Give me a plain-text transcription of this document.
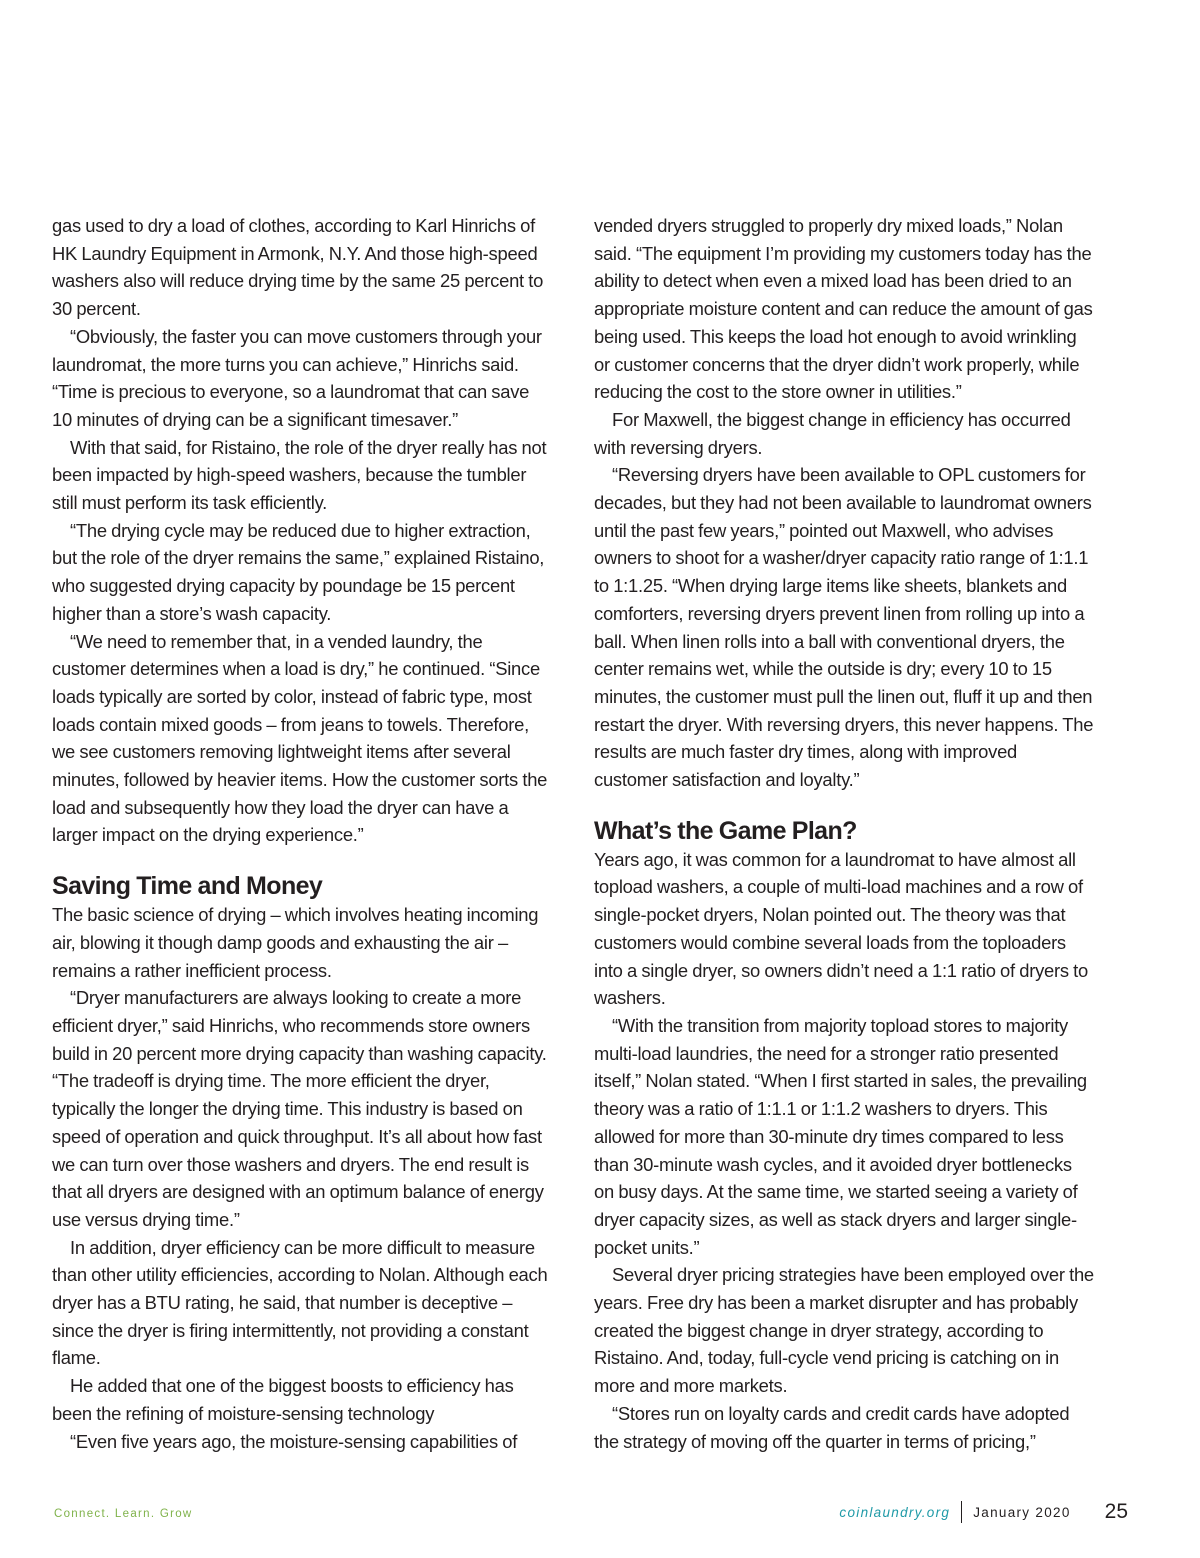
gas used to dry a load of clothes, according to Karl Hinrichs of HK Laundry Equipment in Armonk, N.Y. And those high-speed washers also will reduce drying time by the same 25 percent to 30 percent.

“Obviously, the faster you can move customers through your laundromat, the more turns you can achieve,” Hinrichs said. “Time is precious to everyone, so a laundromat that can save 10 minutes of drying can be a significant timesaver.”

With that said, for Ristaino, the role of the dryer really has not been impacted by high-speed washers, because the tumbler still must perform its task efficiently.

“The drying cycle may be reduced due to higher extraction, but the role of the dryer remains the same,” explained Ristaino, who suggested drying capacity by poundage be 15 percent higher than a store’s wash capacity.

“We need to remember that, in a vended laundry, the customer determines when a load is dry,” he continued. “Since loads typically are sorted by color, instead of fabric type, most loads contain mixed goods – from jeans to towels. Therefore, we see customers removing lightweight items after several minutes, followed by heavier items. How the customer sorts the load and subsequently how they load the dryer can have a larger impact on the drying experience.”

Saving Time and Money

The basic science of drying – which involves heating incoming air, blowing it though damp goods and exhausting the air – remains a rather inefficient process.

“Dryer manufacturers are always looking to create a more efficient dryer,” said Hinrichs, who recommends store owners build in 20 percent more drying capacity than washing capacity. “The tradeoff is drying time. The more efficient the dryer, typically the longer the drying time. This industry is based on speed of operation and quick throughput. It’s all about how fast we can turn over those washers and dryers. The end result is that all dryers are designed with an optimum balance of energy use versus drying time.”

In addition, dryer efficiency can be more difficult to measure than other utility efficiencies, according to Nolan. Although each dryer has a BTU rating, he said, that number is deceptive – since the dryer is firing intermittently, not providing a constant flame.

He added that one of the biggest boosts to efficiency has been the refining of moisture-sensing technology

“Even five years ago, the moisture-sensing capabilities of

vended dryers struggled to properly dry mixed loads,” Nolan said. “The equipment I’m providing my customers today has the ability to detect when even a mixed load has been dried to an appropriate moisture content and can reduce the amount of gas being used. This keeps the load hot enough to avoid wrinkling or customer concerns that the dryer didn’t work properly, while reducing the cost to the store owner in utilities.”

For Maxwell, the biggest change in efficiency has occurred with reversing dryers.

“Reversing dryers have been available to OPL customers for decades, but they had not been available to laundromat owners until the past few years,” pointed out Maxwell, who advises owners to shoot for a washer/dryer capacity ratio range of 1:1.1 to 1:1.25. “When drying large items like sheets, blankets and comforters, reversing dryers prevent linen from rolling up into a ball. When linen rolls into a ball with conventional dryers, the center remains wet, while the outside is dry; every 10 to 15 minutes, the customer must pull the linen out, fluff it up and then restart the dryer. With reversing dryers, this never happens. The results are much faster dry times, along with improved customer satisfaction and loyalty.”

What’s the Game Plan?

Years ago, it was common for a laundromat to have almost all topload washers, a couple of multi-load machines and a row of single-pocket dryers, Nolan pointed out. The theory was that customers would combine several loads from the toploaders into a single dryer, so owners didn’t need a 1:1 ratio of dryers to washers.

“With the transition from majority topload stores to majority multi-load laundries, the need for a stronger ratio presented itself,” Nolan stated. “When I first started in sales, the prevailing theory was a ratio of 1:1.1 or 1:1.2 washers to dryers. This allowed for more than 30-minute dry times compared to less than 30-minute wash cycles, and it avoided dryer bottlenecks on busy days. At the same time, we started seeing a variety of dryer capacity sizes, as well as stack dryers and larger single-pocket units.”

Several dryer pricing strategies have been employed over the years. Free dry has been a market disrupter and has probably created the biggest change in dryer strategy, according to Ristaino. And, today, full-cycle vend pricing is catching on in more and more markets.

“Stores run on loyalty cards and credit cards have adopted the strategy of moving off the quarter in terms of pricing,”

Connect. Learn. Grow	coinlaundry.org January 2020 25
